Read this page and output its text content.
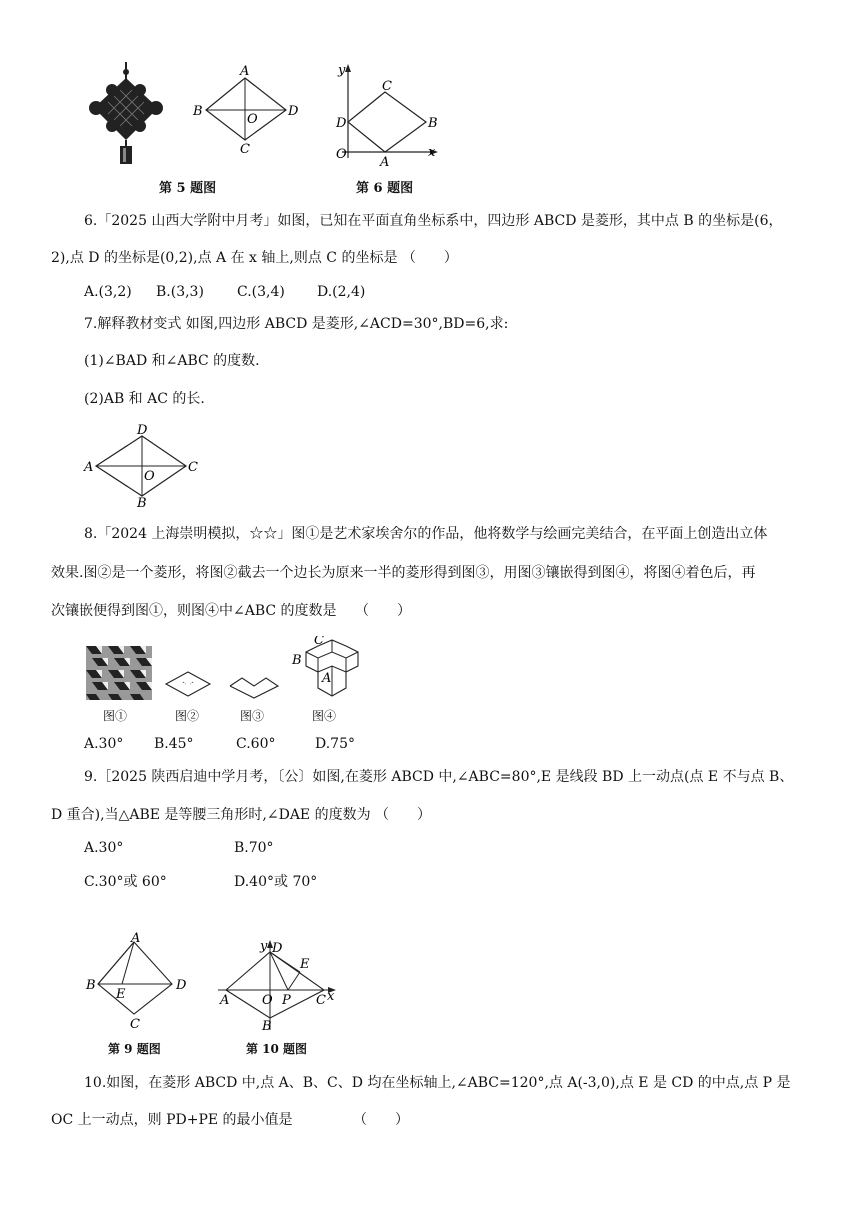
A
B	D
C
O
第 5 题图
y
x
C
B
D
O
A
第 6 题图
6.「2025 山西大学附中月考」如图，已知在平面直角坐标系中，四边形 ABCD 是菱形，其中点 B 的坐标是(6，
2),点 D 的坐标是(0,2),点 A 在 x 轴上,则点 C 的坐标是 （　　）
A.(3,2) B.(3,3) C.(3,4) D.(2,4)
7.解释教材变式 如图,四边形 ABCD 是菱形,∠ACD=30°,BD=6,求:
(1)∠BAD 和∠ABC 的度数.
(2)AB 和 AC 的长.
D
A	C
B
O
8.「2024 上海崇明模拟，☆☆」图①是艺术家埃舍尔的作品，他将数学与绘画完美结合，在平面上创造出立体
效果.图②是一个菱形，将图②截去一个边长为原来一半的菱形得到图③，用图③镶嵌得到图④，将图④着色后，再
次镶嵌便得到图①，则图④中∠ABC 的度数是　 （　　）
图①	图②	图③
C
B
A
图④
A.30° B.45°	C.60°	D.75°
9.［2025 陕西启迪中学月考，〔公〕如图,在菱形 ABCD 中,∠ABC=80°,E 是线段 BD 上一动点(点 E 不与点 B、
D 重合),当△ABE 是等腰三角形时,∠DAE 的度数为 （　　）
A.30°	B.70°
C.30°或 60°	D.40°或 70°
A
B	D
C
E
第 9 题图
y D
E
A	O P C x
B
第 10 题图
10.如图，在菱形 ABCD 中,点 A、B、C、D 均在坐标轴上,∠ABC=120°,点 A(-3,0),点 E 是 CD 的中点,点 P 是
OC 上一动点，则 PD+PE 的最小值是　　　　 （　　）
